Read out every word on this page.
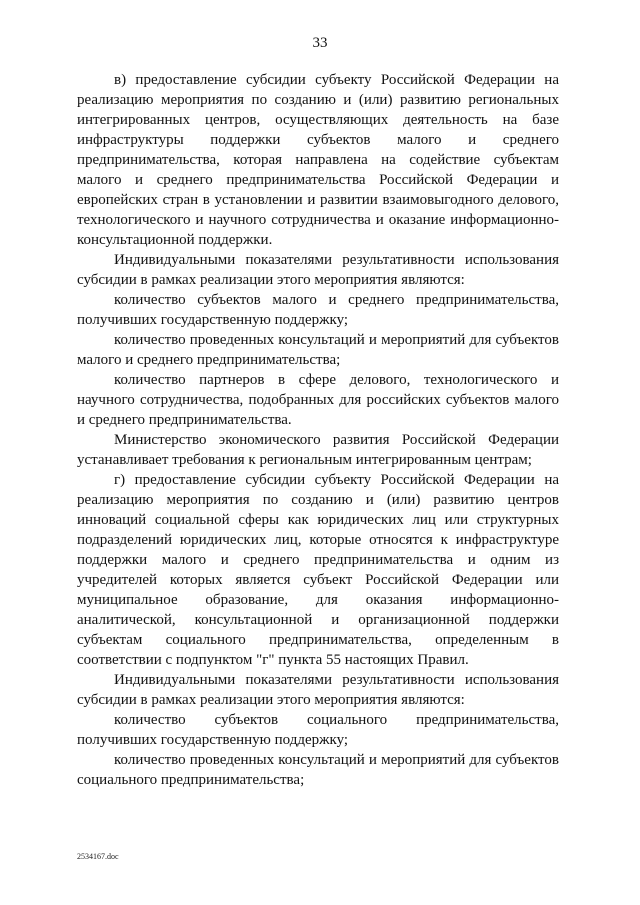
33

в) предоставление субсидии субъекту Российской Федерации на реализацию мероприятия по созданию и (или) развитию региональных интегрированных центров, осуществляющих деятельность на базе инфраструктуры поддержки субъектов малого и среднего предпринимательства, которая направлена на содействие субъектам малого и среднего предпринимательства Российской Федерации и европейских стран в установлении и развитии взаимовыгодного делового, технологического и научного сотрудничества и оказание информационно-консультационной поддержки.

Индивидуальными показателями результативности использования субсидии в рамках реализации этого мероприятия являются:

количество субъектов малого и среднего предпринимательства, получивших государственную поддержку;

количество проведенных консультаций и мероприятий для субъектов малого и среднего предпринимательства;

количество партнеров в сфере делового, технологического и научного сотрудничества, подобранных для российских субъектов малого и среднего предпринимательства.

Министерство экономического развития Российской Федерации устанавливает требования к региональным интегрированным центрам;

г) предоставление субсидии субъекту Российской Федерации на реализацию мероприятия по созданию и (или) развитию центров инноваций социальной сферы как юридических лиц или структурных подразделений юридических лиц, которые относятся к инфраструктуре поддержки малого и среднего предпринимательства и одним из учредителей которых является субъект Российской Федерации или муниципальное образование, для оказания информационно-аналитической, консультационной и организационной поддержки субъектам социального предпринимательства, определенным в соответствии с подпунктом "г" пункта 55 настоящих Правил.

Индивидуальными показателями результативности использования субсидии в рамках реализации этого мероприятия являются:

количество субъектов социального предпринимательства, получивших государственную поддержку;

количество проведенных консультаций и мероприятий для субъектов социального предпринимательства;

2534167.doc
